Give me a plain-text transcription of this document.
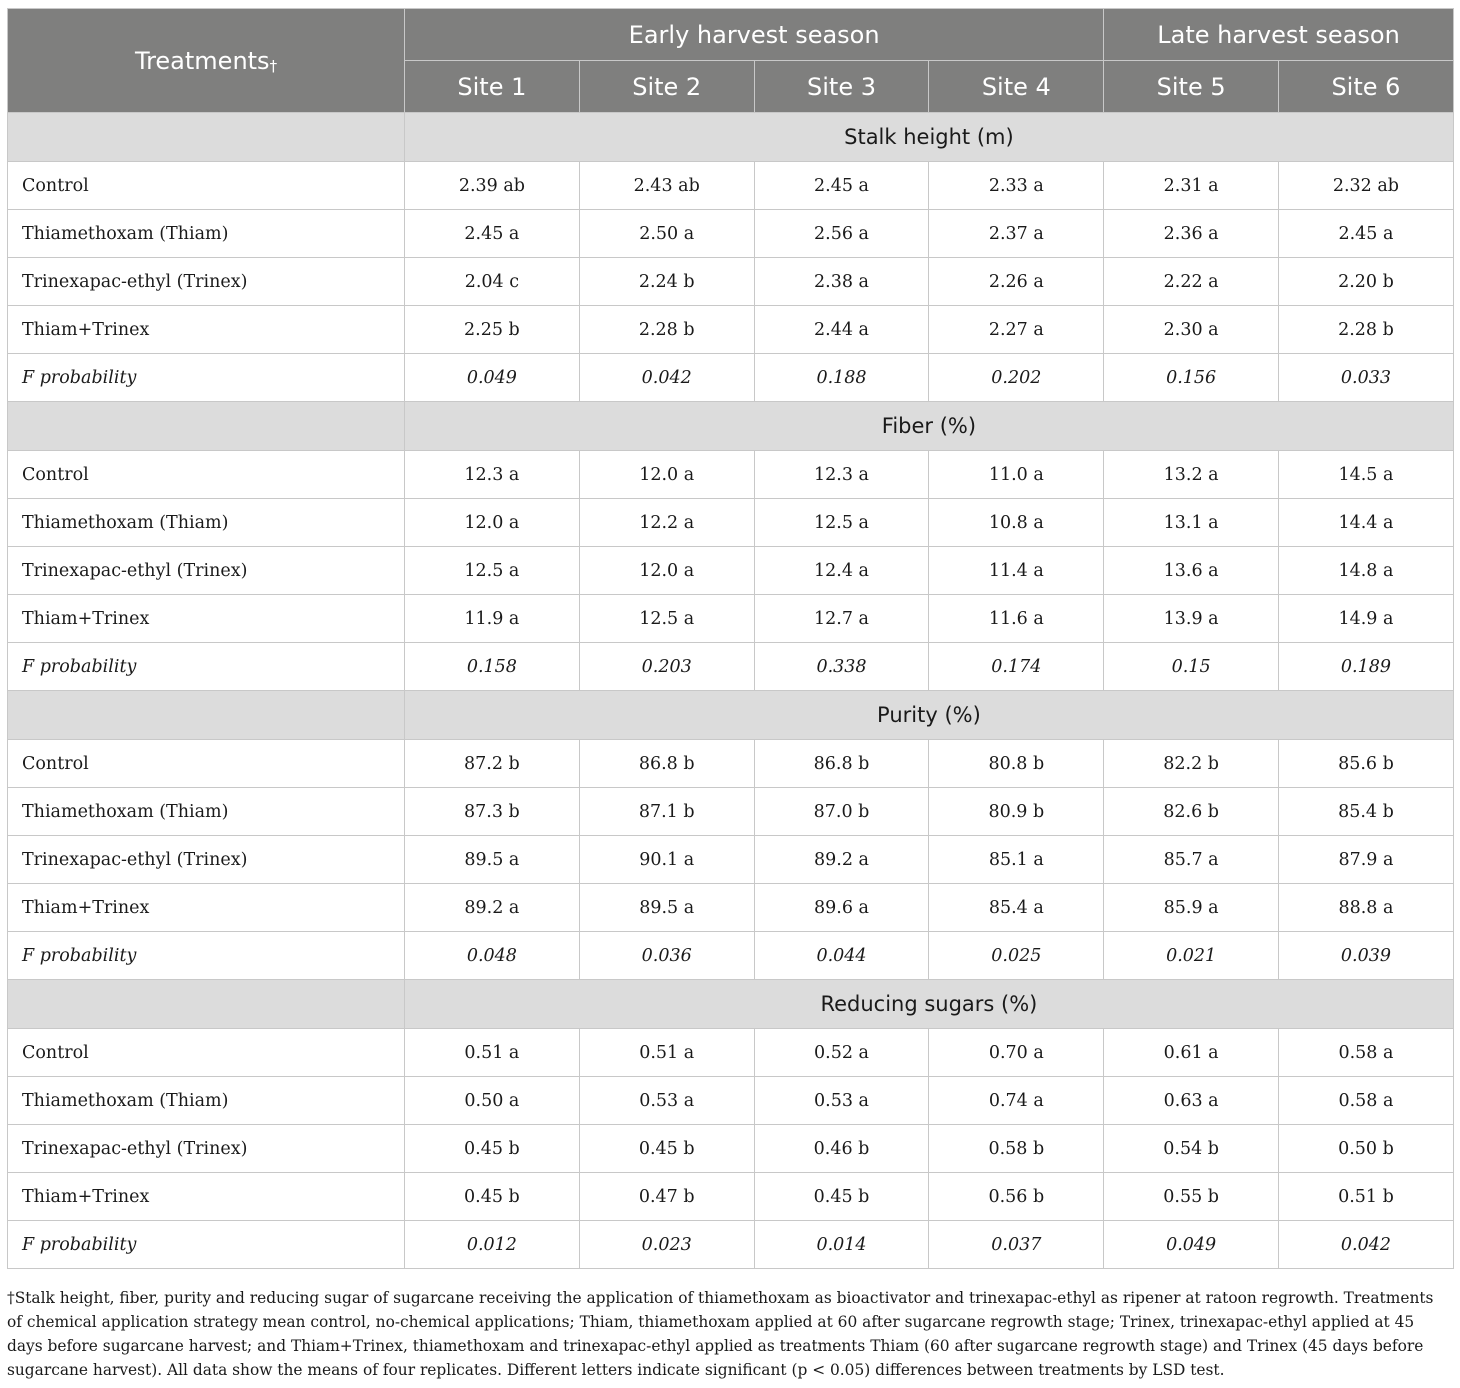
Treatments†	Early harvest season				Late harvest season	
	Site 1	Site 2	Site 3	Site 4	Site 5	Site 6
	Stalk height (m)					
Control	2.39 ab	2.43 ab	2.45 a	2.33 a	2.31 a	2.32 ab
Thiamethoxam (Thiam)	2.45 a	2.50 a	2.56 a	2.37 a	2.36 a	2.45 a
Trinexapac-ethyl (Trinex)	2.04 c	2.24 b	2.38 a	2.26 a	2.22 a	2.20 b
Thiam+Trinex	2.25 b	2.28 b	2.44 a	2.27 a	2.30 a	2.28 b
F probability	0.049	0.042	0.188	0.202	0.156	0.033
	Fiber (%)					
Control	12.3 a	12.0 a	12.3 a	11.0 a	13.2 a	14.5 a
Thiamethoxam (Thiam)	12.0 a	12.2 a	12.5 a	10.8 a	13.1 a	14.4 a
Trinexapac-ethyl (Trinex)	12.5 a	12.0 a	12.4 a	11.4 a	13.6 a	14.8 a
Thiam+Trinex	11.9 a	12.5 a	12.7 a	11.6 a	13.9 a	14.9 a
F probability	0.158	0.203	0.338	0.174	0.15	0.189
	Purity (%)					
Control	87.2 b	86.8 b	86.8 b	80.8 b	82.2 b	85.6 b
Thiamethoxam (Thiam)	87.3 b	87.1 b	87.0 b	80.9 b	82.6 b	85.4 b
Trinexapac-ethyl (Trinex)	89.5 a	90.1 a	89.2 a	85.1 a	85.7 a	87.9 a
Thiam+Trinex	89.2 a	89.5 a	89.6 a	85.4 a	85.9 a	88.8 a
F probability	0.048	0.036	0.044	0.025	0.021	0.039
	Reducing sugars (%)					
Control	0.51 a	0.51 a	0.52 a	0.70 a	0.61 a	0.58 a
Thiamethoxam (Thiam)	0.50 a	0.53 a	0.53 a	0.74 a	0.63 a	0.58 a
Trinexapac-ethyl (Trinex)	0.45 b	0.45 b	0.46 b	0.58 b	0.54 b	0.50 b
Thiam+Trinex	0.45 b	0.47 b	0.45 b	0.56 b	0.55 b	0.51 b
F probability	0.012	0.023	0.014	0.037	0.049	0.042
†Stalk height, fiber, purity and reducing sugar of sugarcane receiving the application of thiamethoxam as bioactivator and trinexapac-ethyl as ripener at ratoon regrowth. Treatments of chemical application strategy mean control, no-chemical applications; Thiam, thiamethoxam applied at 60 after sugarcane regrowth stage; Trinex, trinexapac-ethyl applied at 45 days before sugarcane harvest; and Thiam+Trinex, thiamethoxam and trinexapac-ethyl applied as treatments Thiam (60 after sugarcane regrowth stage) and Trinex (45 days before sugarcane harvest). All data show the means of four replicates. Different letters indicate significant (p < 0.05) differences between treatments by LSD test.
